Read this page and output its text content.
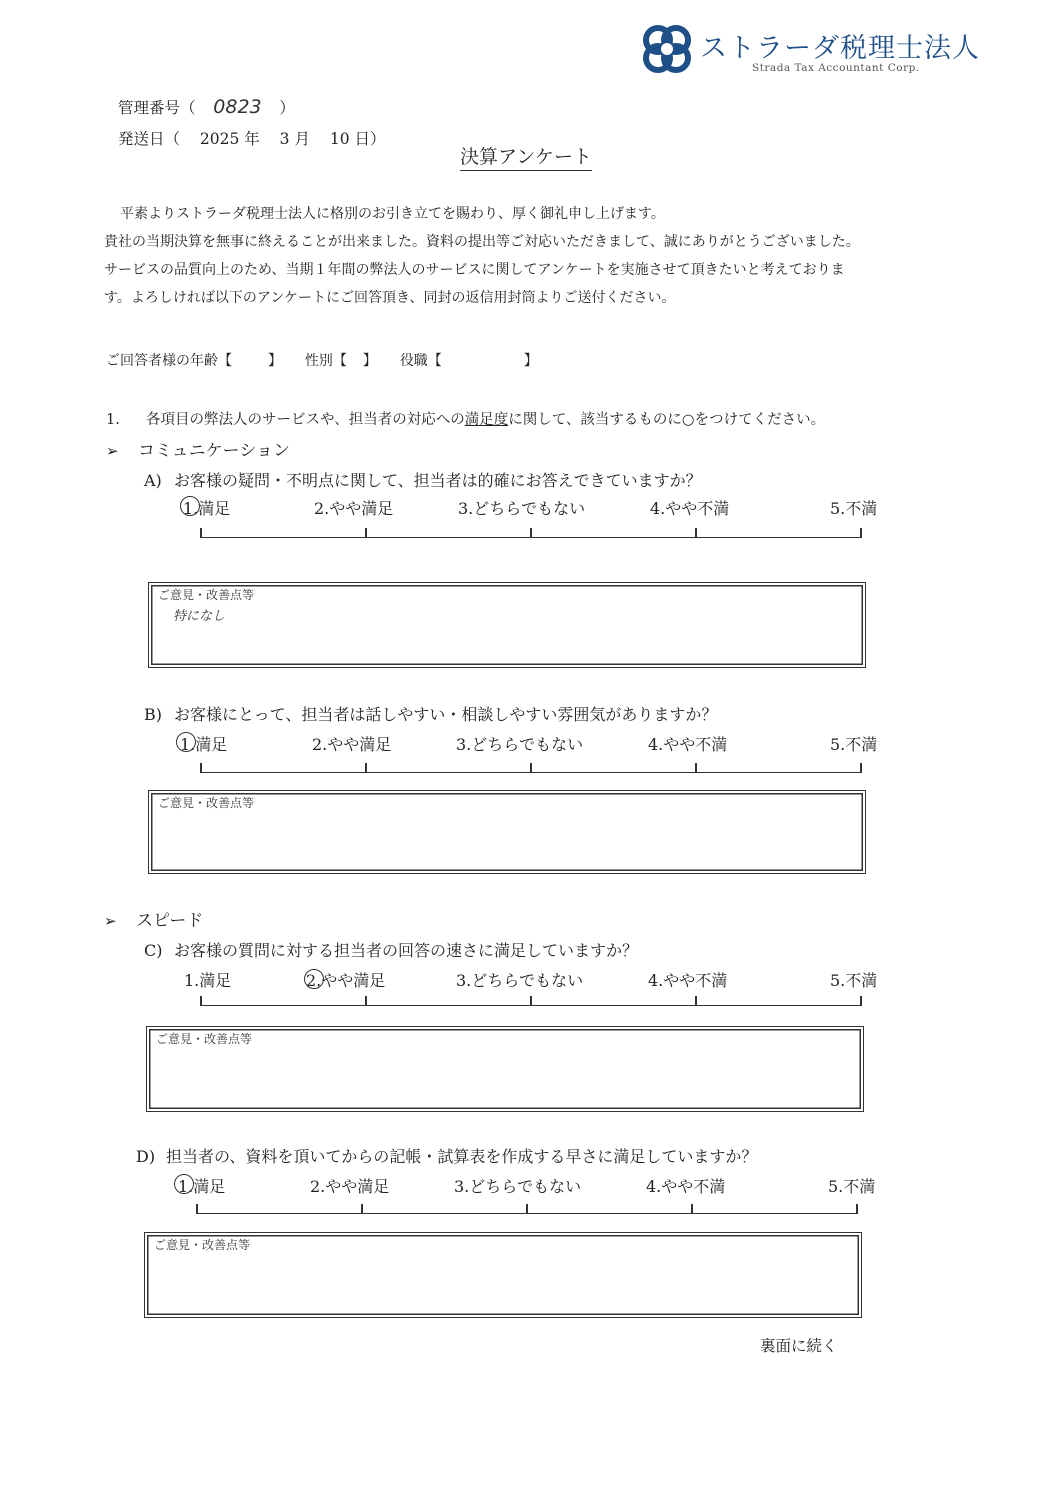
ストラーダ税理士法人
Strada Tax Accountant Corp.
管理番号（ 0823 ）
発送日（ 2025 年 3 月 10 日）
決算アンケート
平素よりストラーダ税理士法人に格別のお引き立てを賜わり、厚く御礼申し上げます。
貴社の当期決算を無事に終えることが出来ました。資料の提出等ご対応いただきまして、誠にありがとうございました。
サービスの品質向上のため、当期１年間の弊法人のサービスに関してアンケートを実施させて頂きたいと考えておりま
す。よろしければ以下のアンケートにご回答頂き、同封の返信用封筒よりご送付ください。
ご回答者様の年齢【	】 性別【 】 役職【	】
1. 各項目の弊法人のサービスや、担当者の対応への満足度に関して、該当するものに○をつけてください。
➢ コミュニケーション
A) お客様の疑問・不明点に関して、担当者は的確にお答えできていますか？
1.満足	2.やや満足	3.どちらでもない	4.やや不満	5.不満
ご意見・改善点等
特になし
B) お客様にとって、担当者は話しやすい・相談しやすい雰囲気がありますか？
1.満足	2.やや満足	3.どちらでもない	4.やや不満	5.不満
ご意見・改善点等
➢ スピード
C) お客様の質問に対する担当者の回答の速さに満足していますか？
1.満足	2.やや満足	3.どちらでもない	4.やや不満	5.不満
ご意見・改善点等
D) 担当者の、資料を頂いてからの記帳・試算表を作成する早さに満足していますか？
1.満足	2.やや満足	3.どちらでもない	4.やや不満	5.不満
ご意見・改善点等
裏面に続く
